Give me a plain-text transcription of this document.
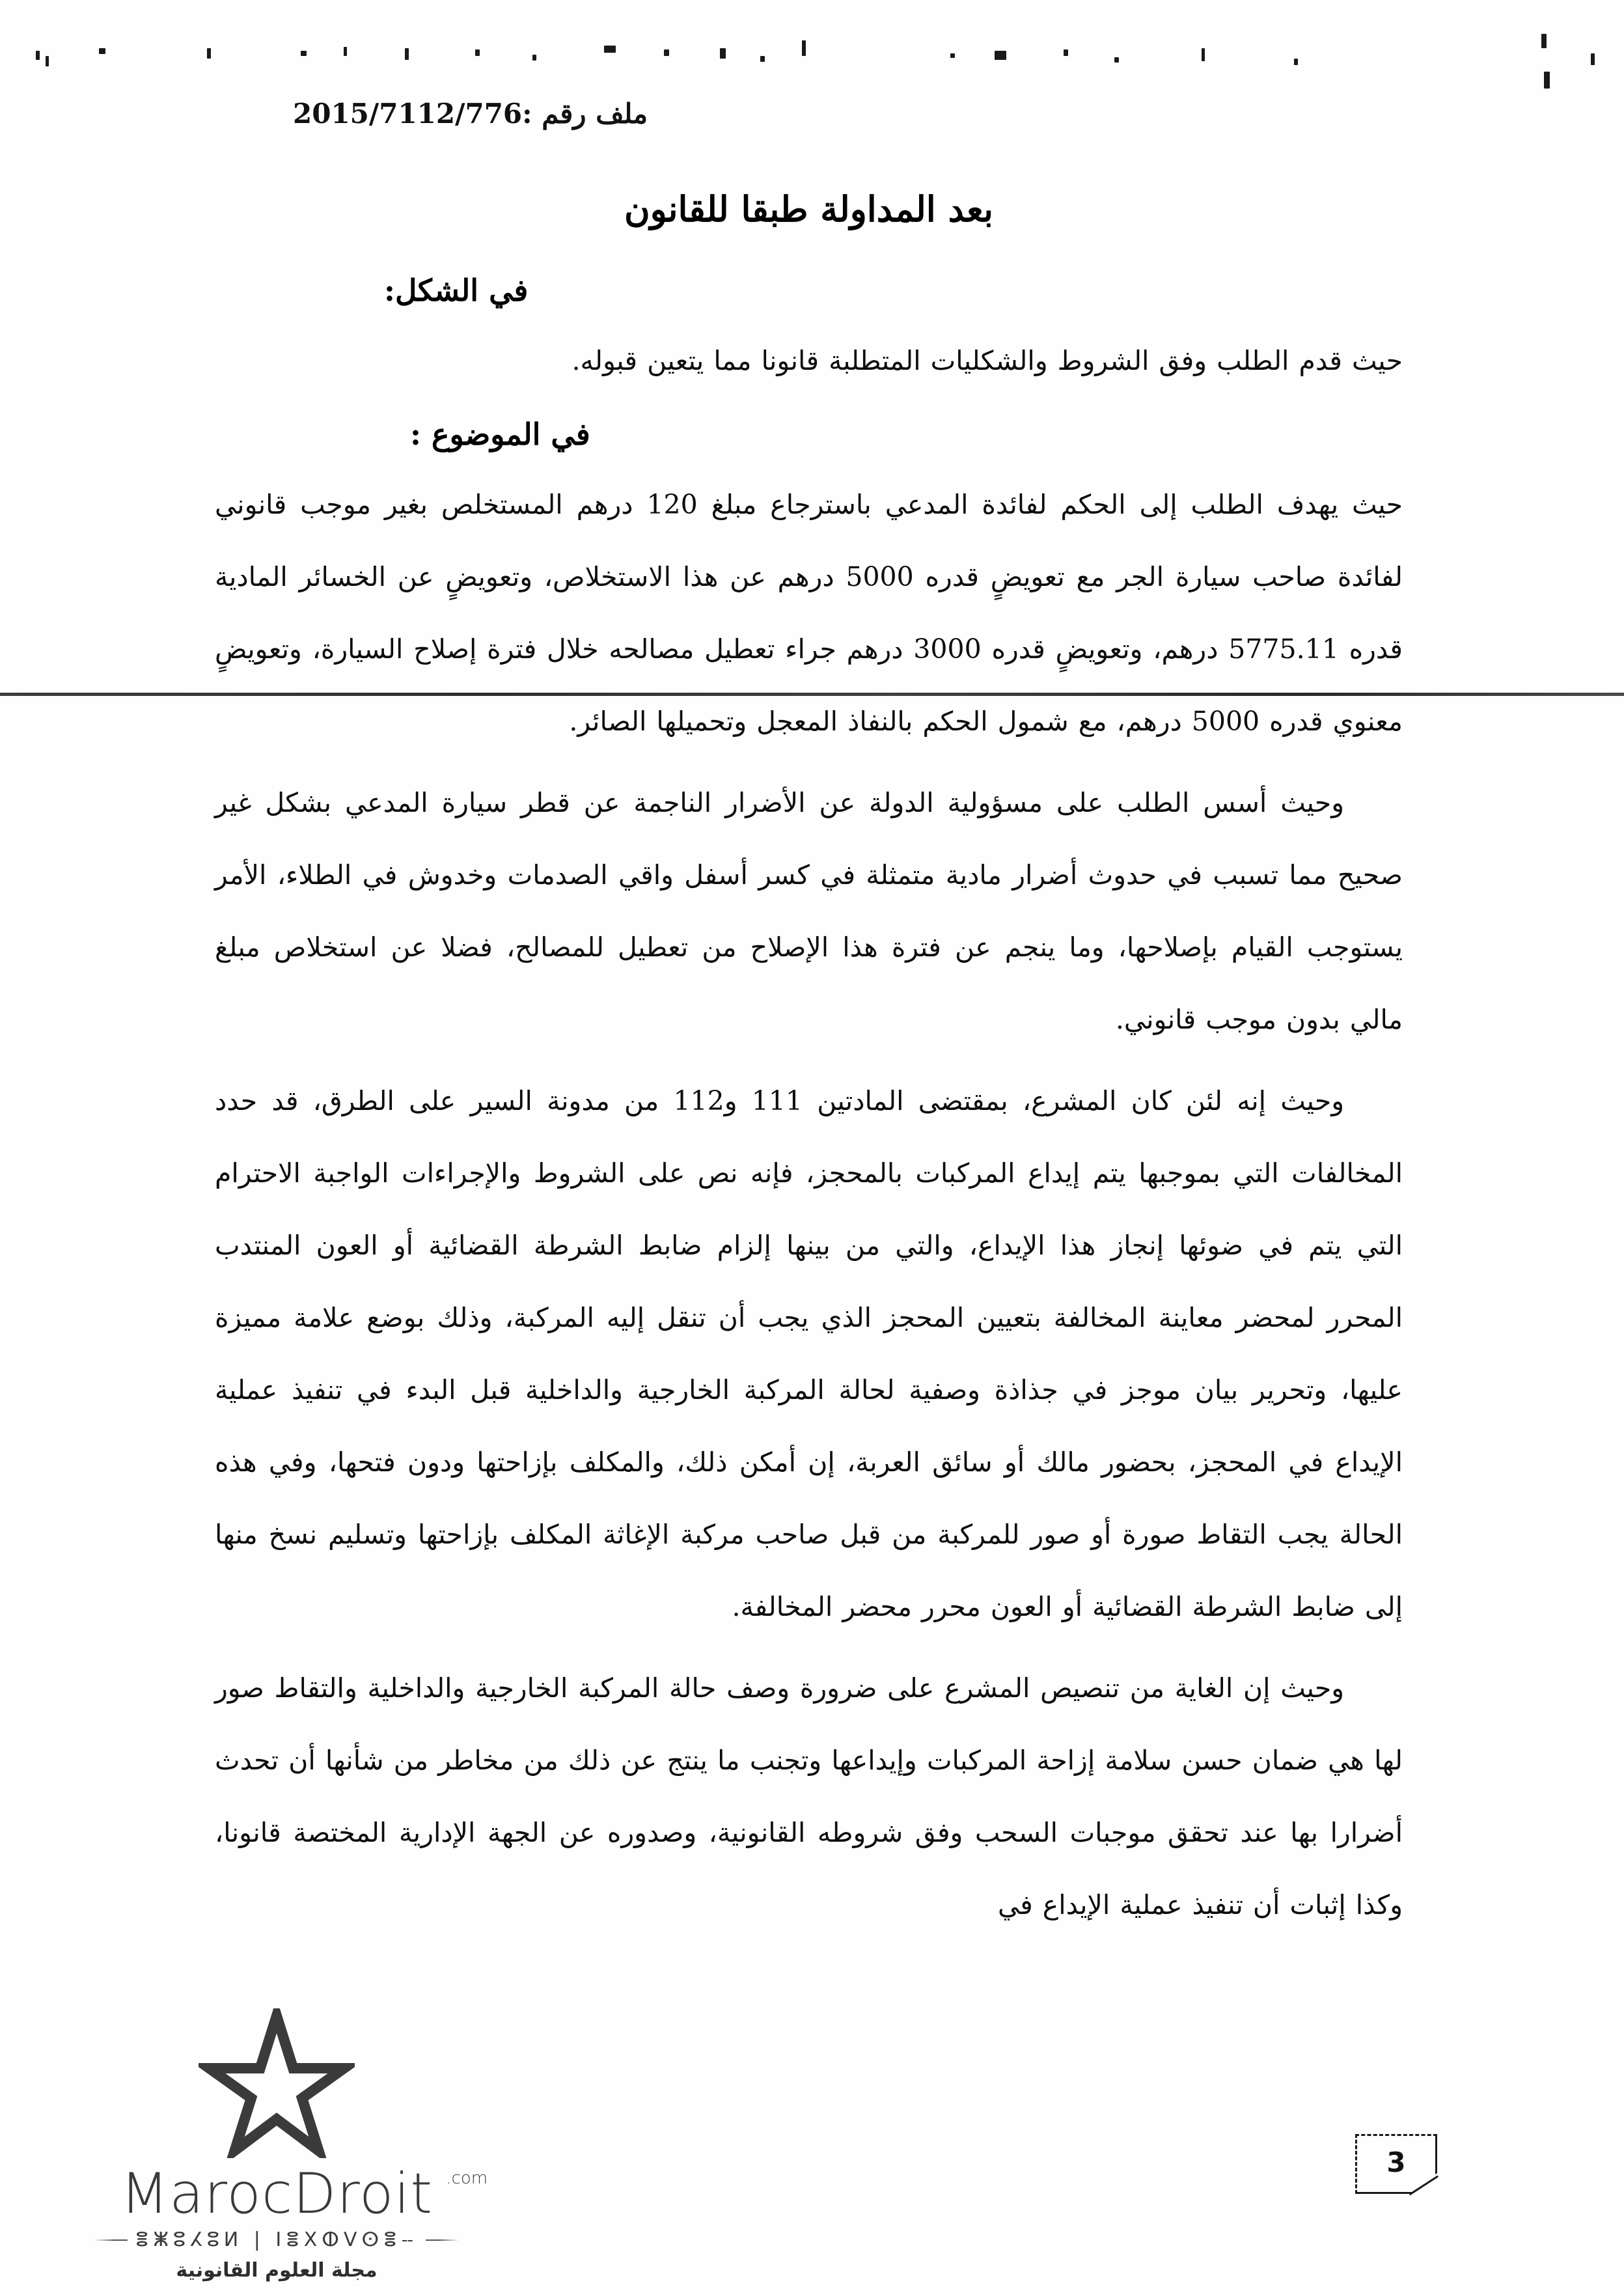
ملف رقم :2015/7112/776
بعد المداولة طبقا للقانون
في الشكل:

حيث قدم الطلب وفق الشروط والشكليات المتطلبة قانونا مما يتعين قبوله.

في الموضوع :

حيث يهدف الطلب إلى الحكم لفائدة المدعي باسترجاع مبلغ 120 درهم المستخلص بغير موجب قانوني لفائدة صاحب سيارة الجر مع تعويضٍ قدره 5000 درهم عن هذا الاستخلاص، وتعويضٍ عن الخسائر المادية قدره 5775.11 درهم، وتعويضٍ قدره 3000 درهم جراء تعطيل مصالحه خلال فترة إصلاح السيارة، وتعويضٍ معنوي قدره 5000 درهم، مع شمول الحكم بالنفاذ المعجل وتحميلها الصائر.

وحيث أسس الطلب على مسؤولية الدولة عن الأضرار الناجمة عن قطر سيارة المدعي بشكل غير صحيح مما تسبب في حدوث أضرار مادية متمثلة في كسر أسفل واقي الصدمات وخدوش في الطلاء، الأمر يستوجب القيام بإصلاحها، وما ينجم عن فترة هذا الإصلاح من تعطيل للمصالح، فضلا عن استخلاص مبلغ مالي بدون موجب قانوني.

وحيث إنه لئن كان المشرع، بمقتضى المادتين 111 و112 من مدونة السير على الطرق، قد حدد المخالفات التي بموجبها يتم إيداع المركبات بالمحجز، فإنه نص على الشروط والإجراءات الواجبة الاحترام التي يتم في ضوئها إنجاز هذا الإيداع، والتي من بينها إلزام ضابط الشرطة القضائية أو العون المنتدب المحرر لمحضر معاينة المخالفة بتعيين المحجز الذي يجب أن تنقل إليه المركبة، وذلك بوضع علامة مميزة عليها، وتحرير بيان موجز في جذاذة وصفية لحالة المركبة الخارجية والداخلية قبل البدء في تنفيذ عملية الإيداع في المحجز، بحضور مالك أو سائق العربة، إن أمكن ذلك، والمكلف بإزاحتها ودون فتحها، وفي هذه الحالة يجب التقاط صورة أو صور للمركبة من قبل صاحب مركبة الإغاثة المكلف بإزاحتها وتسليم نسخ منها إلى ضابط الشرطة القضائية أو العون محرر محضر المخالفة.

وحيث إن الغاية من تنصيص المشرع على ضرورة وصف حالة المركبة الخارجية والداخلية والتقاط صور لها هي ضمان حسن سلامة إزاحة المركبات وإيداعها وتجنب ما ينتج عن ذلك من مخاطر من شأنها أن تحدث أضرارا بها عند تحقق موجبات السحب وفق شروطه القانونية، وصدوره عن الجهة الإدارية المختصة قانونا، وكذا إثبات أن تنفيذ عملية الإيداع في

MarocDroit .com
ⴻⵥⵓⵃⵓⵍ | ⵏⴻⵝⵀⴸⵙⴻⵧ
مجلة العلوم القانونية
3
